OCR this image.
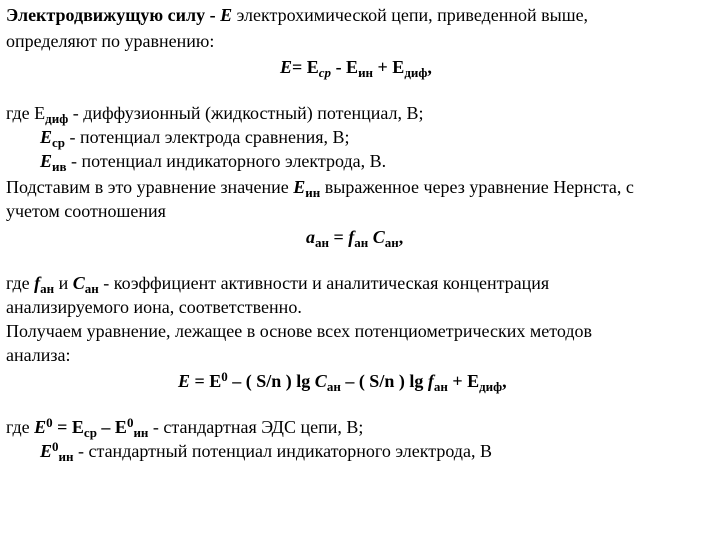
Электродвижущую силу - E электрохимической цепи, приведенной выше,
определяют по уравнению:
$E= E_{ср} - E_{ин} + E_{диф}$,
где $E_{диф}$ - диффузионный (жидкостный) потенциал, В;
$E_{ср}$ - потенциал электрода сравнения, В;
$E_{ив}$ - потенциал индикаторного электрода, В.
Подставим в это уравнение значение $E_{ин}$ выраженное через уравнение Нернста, с
учетом соотношения
$a_{ан} = f_{ан}$ $C_{ан}$,
где $f_{ан}$ и $C_{ан}$ - коэффициент активности и аналитическая концентрация
анализируемого иона, соответственно.
Получаем уравнение, лежащее в основе всех потенциометрических методов
анализа:
$E = E^0$ – ( S/n ) $\lg C_{ан}$ – ( S/n ) $\lg f_{ан} + E_{диф}$,
где $E^0 = E_{ср} - E^0_{ин}$ - стандартная ЭДС цепи, В;
$E^0_{ин}$ - стандартный потенциал индикаторного электрода, В
